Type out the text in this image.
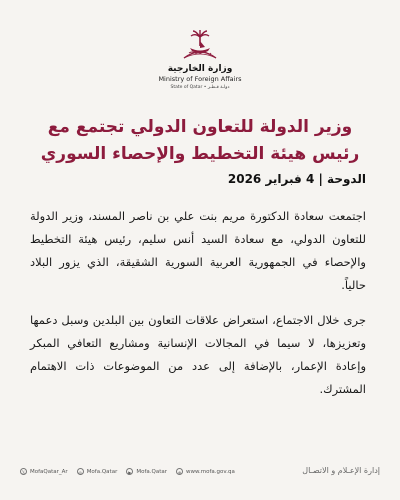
وزارة الخارجية
Ministry of Foreign Affairs
State of Qatar • دولـة قـطـر
وزير الدولة للتعاون الدولي تجتمع مع
رئيس هيئة التخطيط والإحصاء السوري
الدوحة | 4 فبراير 2026

اجتمعت سعادة الدكتورة مريم بنت علي بن ناصر المسند، وزير الدولة للتعاون الدولي، مع سعادة السيد أنس سليم، رئيس هيئة التخطيط والإحصاء في الجمهورية العربية السورية الشقيقة، الذي يزور البلاد حالياً.

جرى خلال الاجتماع، استعراض علاقات التعاون بين البلدين وسبل دعمها وتعزيزها، لا سيما في المجالات الإنسانية ومشاريع التعافي المبكر وإعادة الإعمار، بالإضافة إلى عدد من الموضوعات ذات الاهتمام المشترك.

إدارة الإعـلام و الاتصـال
𝕏 MofaQatar_Ar	◎ Mofa.Qatar	▶ Mofa.Qatar	⊕ www.mofa.gov.qa
